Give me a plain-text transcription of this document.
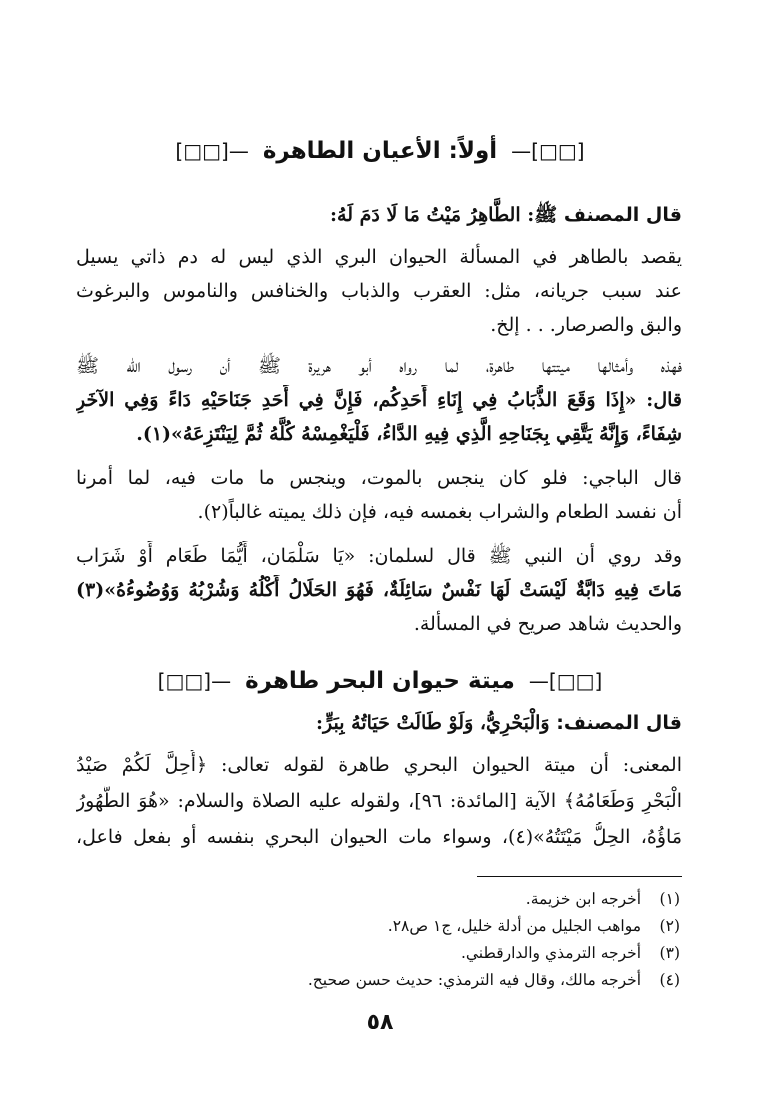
[□□]— أولاً: الأعيان الطاهرة —[□□]
قال المصنف ﷺ‬: الطَّاهِرُ مَيْتُ مَا لَا دَمَ لَهُ:
يقصد بالطاهر في المسألة الحيوان البري الذي ليس له دم ذاتي يسيل
عند سبب جريانه، مثل: العقرب والذباب والخنافس والناموس والبرغوث
والبق والصرصار. . . إلخ.
فهذه وأمثالها ميتتها طاهرة، لما رواه أبو هريرة ﷺ أن رسول الله ﷺ
قال: «إِذَا وَقَعَ الذُّبَابُ فِي إِنَاءِ أَحَدِكُم، فَإِنَّ فِي أَحَدِ جَنَاحَيْهِ دَاءً وَفِي الآخَرِ
شِفَاءً، وَإِنَّهُ يَتَّقِي بِجَنَاحِهِ الَّذِي فِيهِ الدَّاءُ، فَلْيَغْمِسْهُ كُلَّهُ ثُمَّ لِيَنْتَزِعَهُ»(١).
قال الباجي: فلو كان ينجس بالموت، وينجس ما مات فيه، لما أمرنا
أن نفسد الطعام والشراب بغمسه فيه، فإن ذلك يميته غالباً(٢).
وقد روي أن النبي ﷺ قال لسلمان: «يَا سَلْمَان، أَيُّمَا طَعَام أَوْ شَرَاب
مَاتَ فِيهِ دَابَّةٌ لَيْسَتْ لَهَا نَفْسٌ سَائِلَةٌ، فَهُوَ الحَلَالُ أَكْلُهُ وَشُرْبُهُ وَوُضُوءُهُ»(٣)
والحديث شاهد صريح في المسألة.
[□□]— ميتة حيوان البحر طاهرة —[□□]
قال المصنف: وَالْبَحْرِيُّ، وَلَوْ طَالَتْ حَيَاتُهُ بِبَرٍّ:
المعنى: أن ميتة الحيوان البحري طاهرة لقوله تعالى: ﴿أُحِلَّ لَكُمْ صَيْدُ
الْبَحْرِ وَطَعَامُهُ﴾ الآية [المائدة: ٩٦]، ولقوله عليه الصلاة والسلام: «هُوَ الطَّهُورُ
مَاؤُهُ، الحِلُّ مَيْتَتُهُ»(٤)، وسواء مات الحيوان البحري بنفسه أو بفعل فاعل،
(١) أخرجه ابن خزيمة.
(٢) مواهب الجليل من أدلة خليل، ج١ ص٢٨.
(٣) أخرجه الترمذي والدارقطني.
(٤) أخرجه مالك، وقال فيه الترمذي: حديث حسن صحيح.
٥٨
